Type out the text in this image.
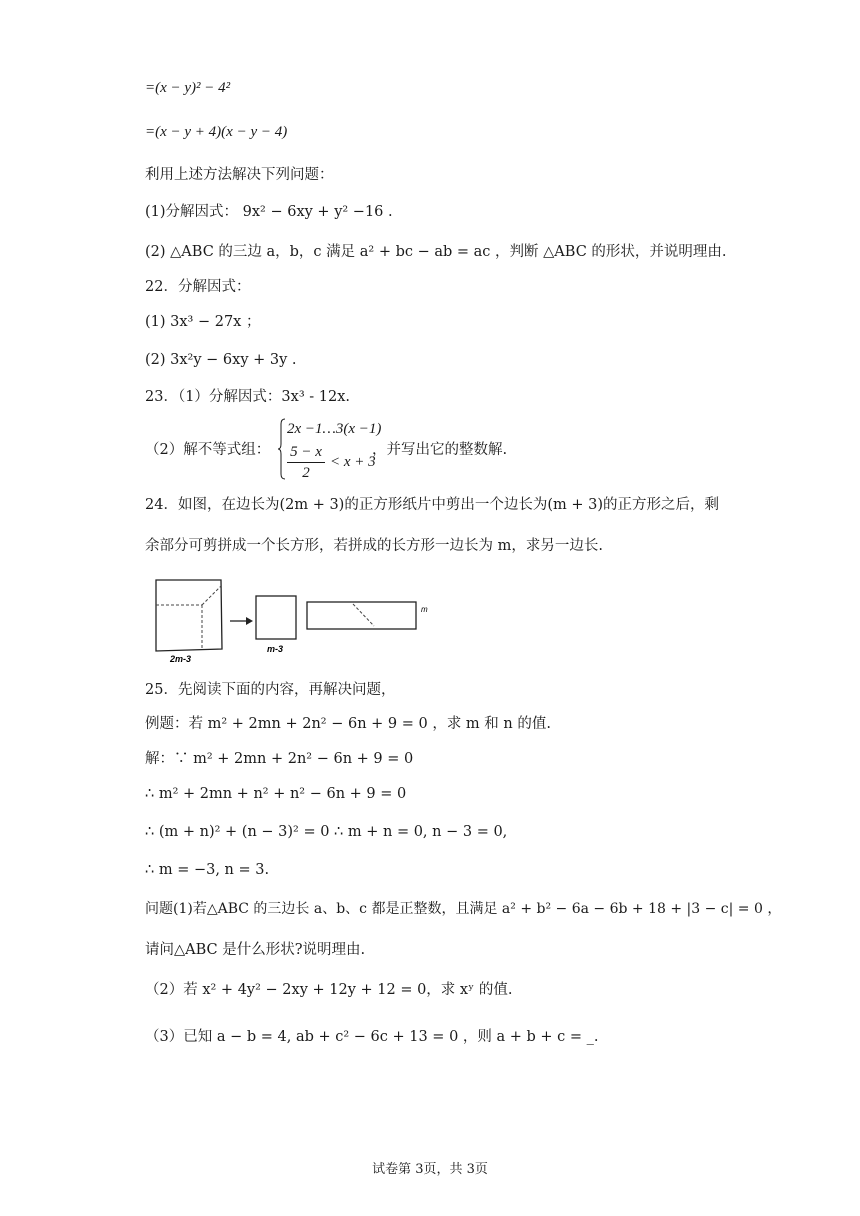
=(x − y)² − 4²
=(x − y + 4)(x − y − 4)
利用上述方法解决下列问题：
(1)分解因式： 9x² − 6xy + y² −16 .
(2) △ABC 的三边 a，b，c 满足 a² + bc − ab = ac ，判断 △ABC 的形状，并说明理由.
22．分解因式：
(1) 3x³ − 27x ；
(2) 3x²y − 6xy + 3y .
23．（1）分解因式：3x³ - 12x.
（2）解不等式组：
2x −1…3(x −1)
5 − x
2
< x + 3
，并写出它的整数解.
24．如图，在边长为(2m + 3)的正方形纸片中剪出一个边长为(m + 3)的正方形之后，剩
余部分可剪拼成一个长方形，若拼成的长方形一边长为 m，求另一边长.
2m-3
m-3
m
25．先阅读下面的内容，再解决问题，
例题：若 m² + 2mn + 2n² − 6n + 9 = 0 ，求 m 和 n 的值.
解：∵ m² + 2mn + 2n² − 6n + 9 = 0
∴ m² + 2mn + n² + n² − 6n + 9 = 0
∴ (m + n)² + (n − 3)² = 0 ∴ m + n = 0, n − 3 = 0,
∴ m = −3, n = 3.
问题(1)若△ABC 的三边长 a、b、c 都是正整数，且满足 a² + b² − 6a − 6b + 18 + |3 − c| = 0 ，
请问△ABC 是什么形状?说明理由.
（2）若 x² + 4y² − 2xy + 12y + 12 = 0，求 xʸ 的值.
（3）已知 a − b = 4, ab + c² − 6c + 13 = 0 ，则 a + b + c = _.
试卷第 3页，共 3页
